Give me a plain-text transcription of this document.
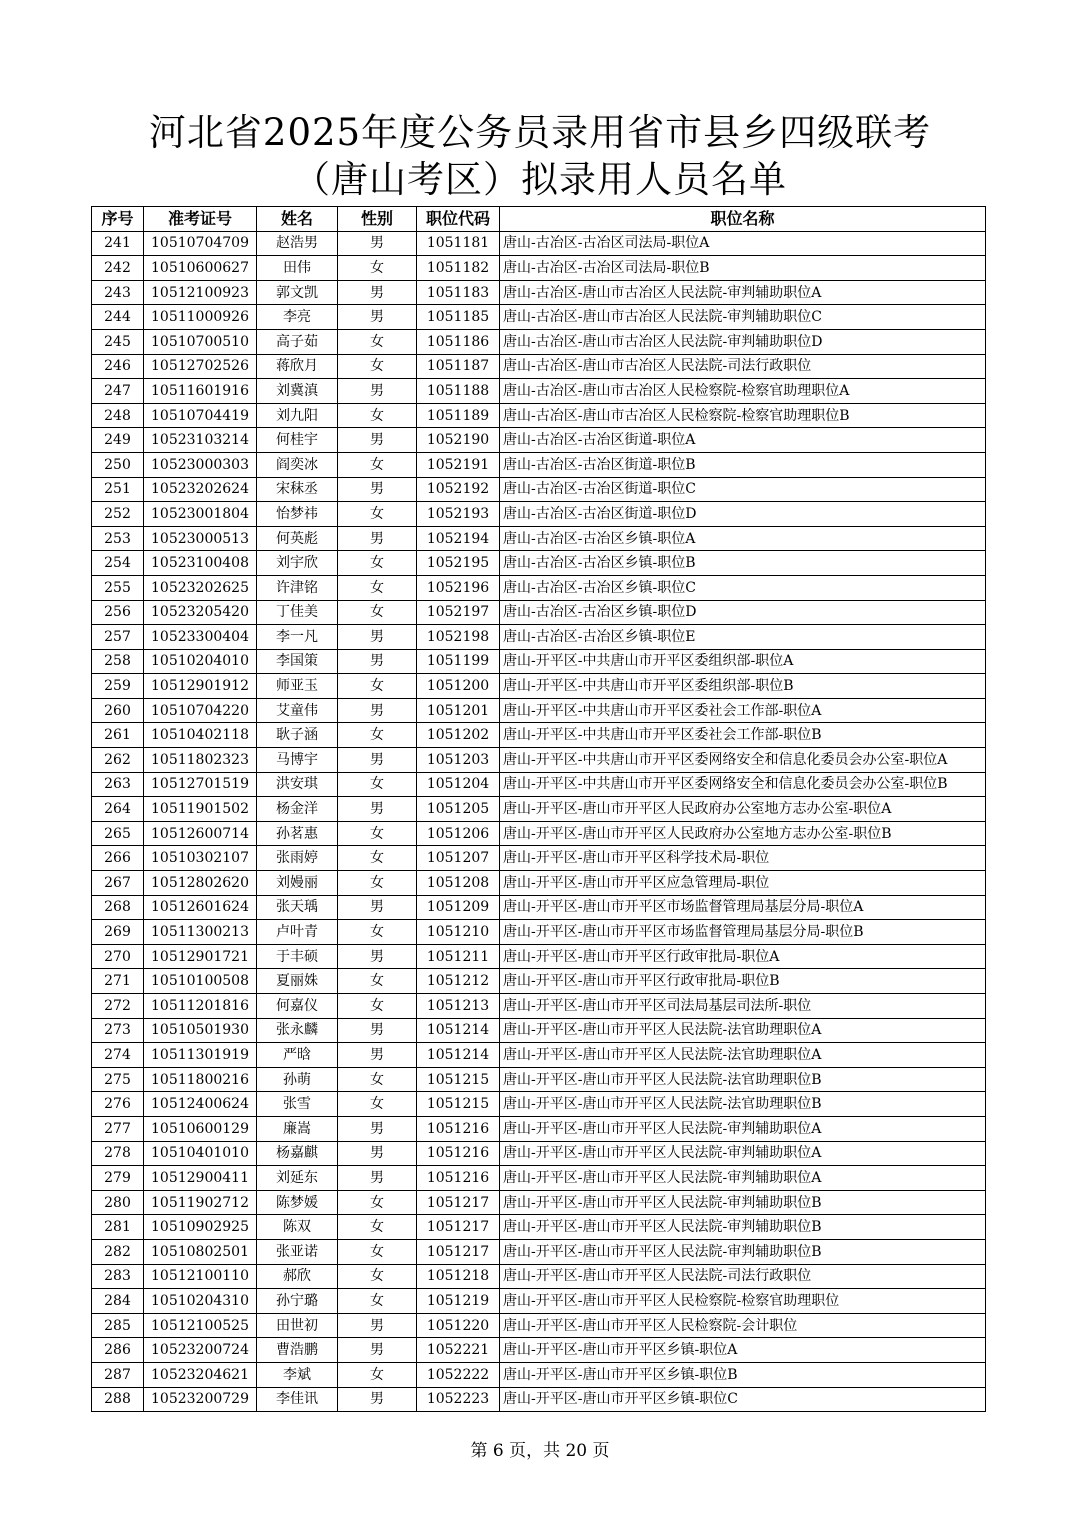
河北省2025年度公务员录用省市县乡四级联考
（唐山考区）拟录用人员名单
序号	准考证号	姓名	性别	职位代码	职位名称
241	10510704709	赵浩男	男	1051181	唐山-古冶区-古冶区司法局-职位A
242	10510600627	田伟	女	1051182	唐山-古冶区-古冶区司法局-职位B
243	10512100923	郭文凯	男	1051183	唐山-古冶区-唐山市古冶区人民法院-审判辅助职位A
244	10511000926	李亮	男	1051185	唐山-古冶区-唐山市古冶区人民法院-审判辅助职位C
245	10510700510	高子茹	女	1051186	唐山-古冶区-唐山市古冶区人民法院-审判辅助职位D
246	10512702526	蒋欣月	女	1051187	唐山-古冶区-唐山市古冶区人民法院-司法行政职位
247	10511601916	刘冀滇	男	1051188	唐山-古冶区-唐山市古冶区人民检察院-检察官助理职位A
248	10510704419	刘九阳	女	1051189	唐山-古冶区-唐山市古冶区人民检察院-检察官助理职位B
249	10523103214	何桂宇	男	1052190	唐山-古冶区-古冶区街道-职位A
250	10523000303	阎奕冰	女	1052191	唐山-古冶区-古冶区街道-职位B
251	10523202624	宋秣丞	男	1052192	唐山-古冶区-古冶区街道-职位C
252	10523001804	怡梦祎	女	1052193	唐山-古冶区-古冶区街道-职位D
253	10523000513	何英彪	男	1052194	唐山-古冶区-古冶区乡镇-职位A
254	10523100408	刘宇欣	女	1052195	唐山-古冶区-古冶区乡镇-职位B
255	10523202625	许津铭	女	1052196	唐山-古冶区-古冶区乡镇-职位C
256	10523205420	丁佳美	女	1052197	唐山-古冶区-古冶区乡镇-职位D
257	10523300404	李一凡	男	1052198	唐山-古冶区-古冶区乡镇-职位E
258	10510204010	李国策	男	1051199	唐山-开平区-中共唐山市开平区委组织部-职位A
259	10512901912	师亚玉	女	1051200	唐山-开平区-中共唐山市开平区委组织部-职位B
260	10510704220	艾童伟	男	1051201	唐山-开平区-中共唐山市开平区委社会工作部-职位A
261	10510402118	耿子涵	女	1051202	唐山-开平区-中共唐山市开平区委社会工作部-职位B
262	10511802323	马博宇	男	1051203	唐山-开平区-中共唐山市开平区委网络安全和信息化委员会办公室-职位A
263	10512701519	洪安琪	女	1051204	唐山-开平区-中共唐山市开平区委网络安全和信息化委员会办公室-职位B
264	10511901502	杨金洋	男	1051205	唐山-开平区-唐山市开平区人民政府办公室地方志办公室-职位A
265	10512600714	孙茗惠	女	1051206	唐山-开平区-唐山市开平区人民政府办公室地方志办公室-职位B
266	10510302107	张雨婷	女	1051207	唐山-开平区-唐山市开平区科学技术局-职位
267	10512802620	刘嫚丽	女	1051208	唐山-开平区-唐山市开平区应急管理局-职位
268	10512601624	张天瑀	男	1051209	唐山-开平区-唐山市开平区市场监督管理局基层分局-职位A
269	10511300213	卢叶青	女	1051210	唐山-开平区-唐山市开平区市场监督管理局基层分局-职位B
270	10512901721	于丰硕	男	1051211	唐山-开平区-唐山市开平区行政审批局-职位A
271	10510100508	夏丽姝	女	1051212	唐山-开平区-唐山市开平区行政审批局-职位B
272	10511201816	何嘉仪	女	1051213	唐山-开平区-唐山市开平区司法局基层司法所-职位
273	10510501930	张永麟	男	1051214	唐山-开平区-唐山市开平区人民法院-法官助理职位A
274	10511301919	严晗	男	1051214	唐山-开平区-唐山市开平区人民法院-法官助理职位A
275	10511800216	孙萌	女	1051215	唐山-开平区-唐山市开平区人民法院-法官助理职位B
276	10512400624	张雪	女	1051215	唐山-开平区-唐山市开平区人民法院-法官助理职位B
277	10510600129	廉嵩	男	1051216	唐山-开平区-唐山市开平区人民法院-审判辅助职位A
278	10510401010	杨嘉麒	男	1051216	唐山-开平区-唐山市开平区人民法院-审判辅助职位A
279	10512900411	刘延东	男	1051216	唐山-开平区-唐山市开平区人民法院-审判辅助职位A
280	10511902712	陈梦媛	女	1051217	唐山-开平区-唐山市开平区人民法院-审判辅助职位B
281	10510902925	陈双	女	1051217	唐山-开平区-唐山市开平区人民法院-审判辅助职位B
282	10510802501	张亚诺	女	1051217	唐山-开平区-唐山市开平区人民法院-审判辅助职位B
283	10512100110	郝欣	女	1051218	唐山-开平区-唐山市开平区人民法院-司法行政职位
284	10510204310	孙宁璐	女	1051219	唐山-开平区-唐山市开平区人民检察院-检察官助理职位
285	10512100525	田世初	男	1051220	唐山-开平区-唐山市开平区人民检察院-会计职位
286	10523200724	曹浩鹏	男	1052221	唐山-开平区-唐山市开平区乡镇-职位A
287	10523204621	李斌	女	1052222	唐山-开平区-唐山市开平区乡镇-职位B
288	10523200729	李佳讯	男	1052223	唐山-开平区-唐山市开平区乡镇-职位C
第 6 页，共 20 页
